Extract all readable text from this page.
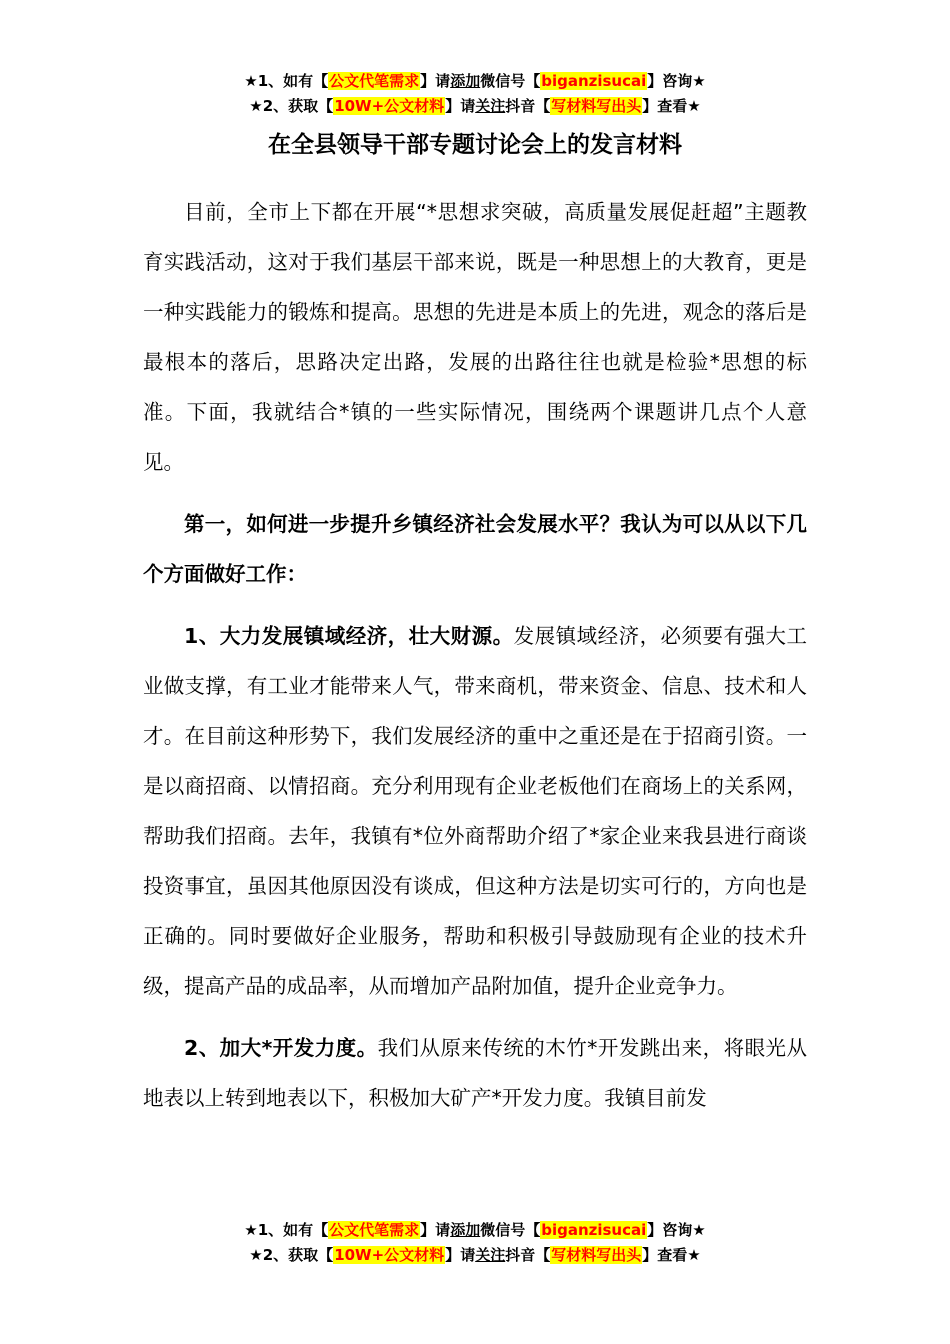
★1、如有【公文代笔需求】请添加微信号【biganzisucai】咨询★
★2、获取【10W+公文材料】请关注抖音【写材料写出头】查看★
在全县领导干部专题讨论会上的发言材料

目前，全市上下都在开展“*思想求突破，高质量发展促赶超”主题教育实践活动，这对于我们基层干部来说，既是一种思想上的大教育，更是一种实践能力的锻炼和提高。思想的先进是本质上的先进，观念的落后是最根本的落后，思路决定出路，发展的出路往往也就是检验*思想的标准。下面，我就结合*镇的一些实际情况，围绕两个课题讲几点个人意见。

第一，如何进一步提升乡镇经济社会发展水平？我认为可以从以下几个方面做好工作：

1、大力发展镇域经济，壮大财源。发展镇域经济，必须要有强大工业做支撑，有工业才能带来人气，带来商机，带来资金、信息、技术和人才。在目前这种形势下，我们发展经济的重中之重还是在于招商引资。一是以商招商、以情招商。充分利用现有企业老板他们在商场上的关系网，帮助我们招商。去年，我镇有*位外商帮助介绍了*家企业来我县进行商谈投资事宜，虽因其他原因没有谈成，但这种方法是切实可行的，方向也是正确的。同时要做好企业服务，帮助和积极引导鼓励现有企业的技术升级，提高产品的成品率，从而增加产品附加值，提升企业竞争力。

2、加大*开发力度。我们从原来传统的木竹*开发跳出来，将眼光从地表以上转到地表以下，积极加大矿产*开发力度。我镇目前发

★1、如有【公文代笔需求】请添加微信号【biganzisucai】咨询★
★2、获取【10W+公文材料】请关注抖音【写材料写出头】查看★
